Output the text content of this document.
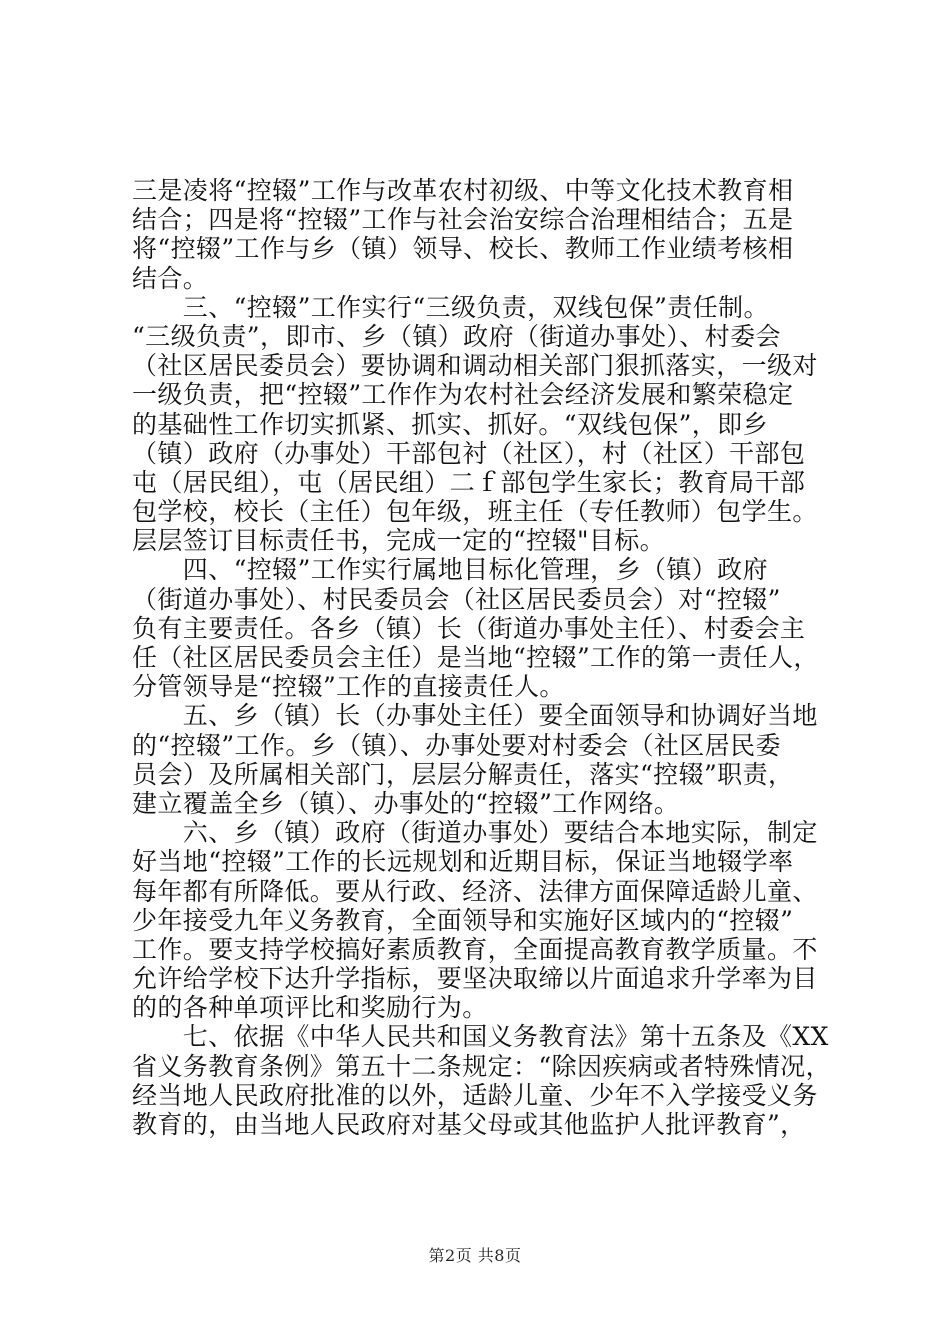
三是凌将“控辍”工作与改革农村初级、中等文化技术教育相
结合；四是将“控辍”工作与社会治安综合治理相结合；五是
将“控辍”工作与乡（镇）领导、校长、教师工作业绩考核相
结合。
　　三、“控辍”工作实行“三级负责，双线包保”责任制。
“三级负责”，即市、乡（镇）政府（街道办事处）、村委会
（社区居民委员会）要协调和调动相关部门狠抓落实，一级对
一级负责，把“控辍”工作作为农村社会经济发展和繁荣稳定
的基础性工作切实抓紧、抓实、抓好。“双线包保”，即乡
（镇）政府（办事处）干部包衬（社区），村（社区）干部包
屯（居民组），屯（居民组）二ｆ部包学生家长；教育局干部
包学校，校长（主任）包年级，班主任（专任教师）包学生。
层层签订目标责任书，完成一定的“控辍"目标。
　　四、“控辍”工作实行属地目标化管理，乡（镇）政府
（街道办事处）、村民委员会（社区居民委员会）对“控辍”
负有主要责任。各乡（镇）长（街道办事处主任）、村委会主
任（社区居民委员会主任）是当地“控辍”工作的第一责任人，
分管领导是“控辍”工作的直接责任人。
　　五、乡（镇）长（办事处主任）要全面领导和协调好当地
的“控辍”工作。乡（镇）、办事处要对村委会（社区居民委
员会）及所属相关部门，层层分解责任，落实“控辍”职责，
建立覆盖全乡（镇）、办事处的“控辍”工作网络。
　　六、乡（镇）政府（街道办事处）要结合本地实际，制定
好当地“控辍”工作的长远规划和近期目标，保证当地辍学率
每年都有所降低。要从行政、经济、法律方面保障适龄儿童、
少年接受九年义务教育，全面领导和实施好区域内的“控辍”
工作。要支持学校搞好素质教育，全面提高教育教学质量。不
允许给学校下达升学指标，要坚决取缔以片面追求升学率为目
的的各种单项评比和奖励行为。
　　七、依据《中华人民共和国义务教育法》第十五条及《XX
省义务教育条例》第五十二条规定：“除因疾病或者特殊情况，
经当地人民政府批准的以外，适龄儿童、少年不入学接受义务
教育的，由当地人民政府对基父母或其他监护人批评教育”，
第2页 共8页
